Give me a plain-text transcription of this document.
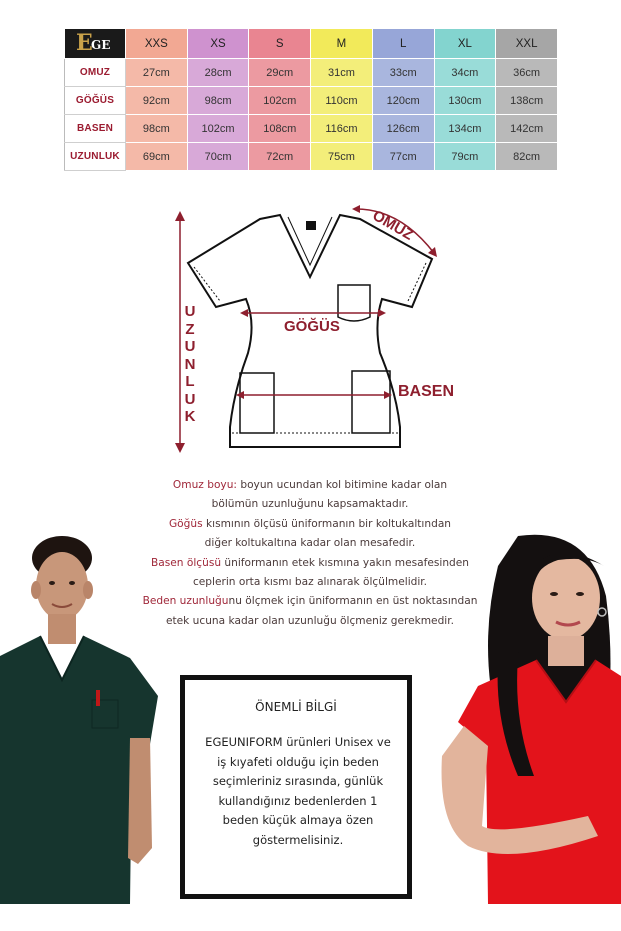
E
GE	XXS	XS	S	M	L	XL	XXL
OMUZ	27cm	28cm	29cm	31cm	33cm	34cm	36cm
GÖĞÜS	92cm	98cm	102cm	110cm	120cm	130cm	138cm
BASEN	98cm	102cm	108cm	116cm	126cm	134cm	142cm
UZUNLUK	69cm	70cm	72cm	75cm	77cm	79cm	82cm
OMUZ
GÖĞÜS
BASEN
U
Z
U
N
L
U
K

Omuz boyu: boyun ucundan kol bitimine kadar olan

bölümün uzunluğunu kapsamaktadır.

Göğüs kısmının ölçüsü üniformanın bir koltukaltından

diğer koltukaltına kadar olan mesafedir.

Basen ölçüsü üniformanın etek kısmına yakın mesafesinden

ceplerin orta kısmı baz alınarak ölçülmelidir.

Beden uzunluğunu ölçmek için üniformanın en üst noktasından

etek ucuna kadar olan uzunluğu ölçmeniz gerekmedir.

ÖNEMLİ BİLGİ
EGEUNIFORM ürünleri Unisex ve iş kıyafeti olduğu için beden seçimleriniz sırasında, günlük kullandığınız bedenlerden 1 beden küçük almaya özen göstermelisiniz.
